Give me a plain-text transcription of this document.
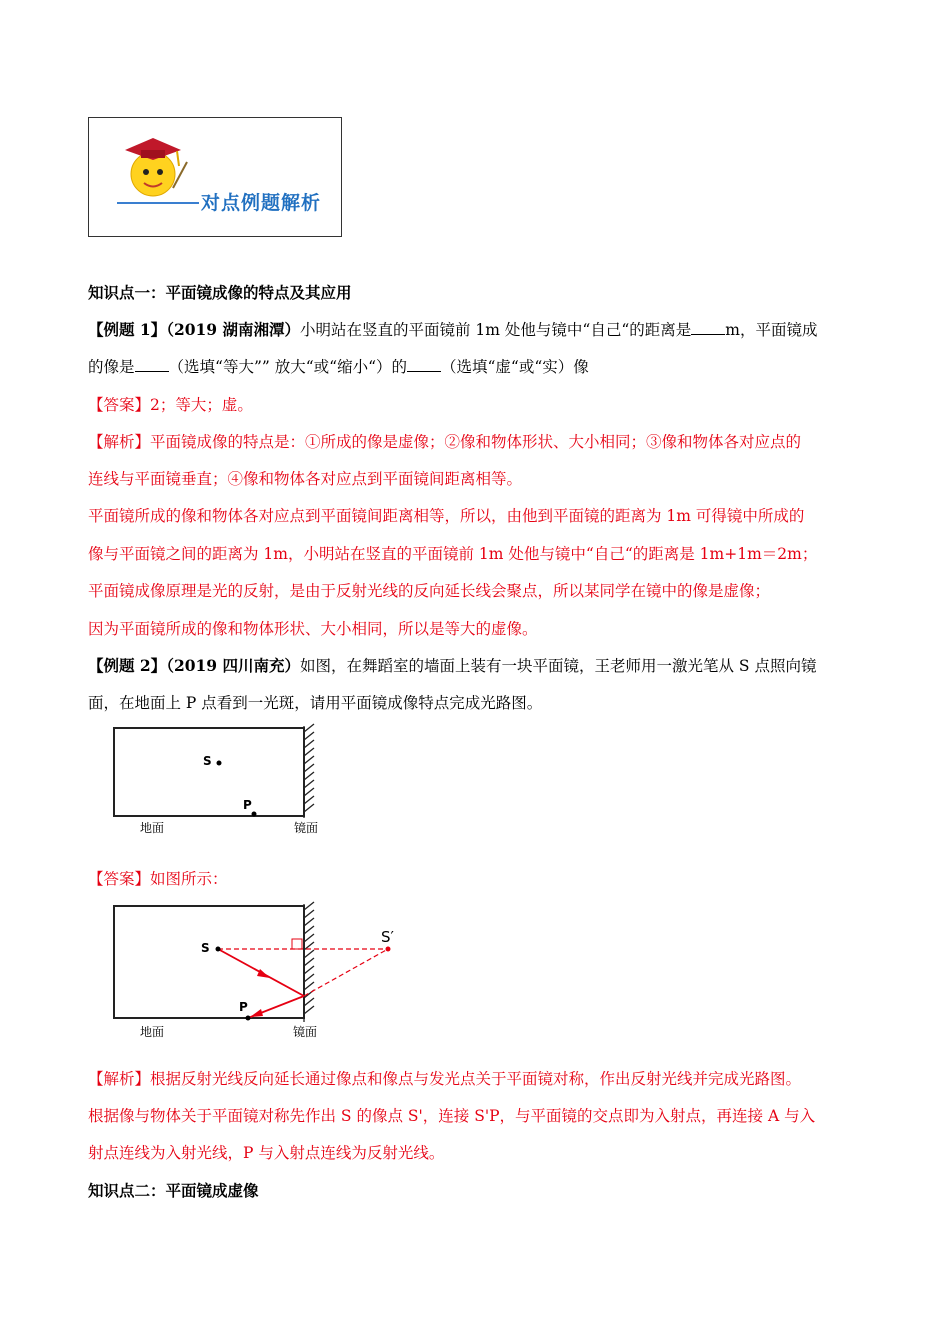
对点例题解析
知识点一：平面镜成像的特点及其应用
【例题 1】（2019 湖南湘潭）小明站在竖直的平面镜前 1m 处他与镜中“自己“的距离是 m，平面镜成
的像是 （选填“等大”” 放大“或“缩小“）的 （选填“虚“或“实）像
【答案】2；等大；虚。
【解析】平面镜成像的特点是：①所成的像是虚像；②像和物体形状、大小相同；③像和物体各对应点的
连线与平面镜垂直；④像和物体各对应点到平面镜间距离相等。
平面镜所成的像和物体各对应点到平面镜间距离相等，所以，由他到平面镜的距离为 1m 可得镜中所成的
像与平面镜之间的距离为 1m，小明站在竖直的平面镜前 1m 处他与镜中“自己“的距离是 1m+1m＝2m；
平面镜成像原理是光的反射，是由于反射光线的反向延长线会聚点，所以某同学在镜中的像是虚像；
因为平面镜所成的像和物体形状、大小相同，所以是等大的虚像。
【例题 2】（2019 四川南充）如图，在舞蹈室的墙面上装有一块平面镜，王老师用一激光笔从 S 点照向镜
面，在地面上 P 点看到一光斑，请用平面镜成像特点完成光路图。
S
P
地面	镜面
【答案】如图所示：
S
S′
P
地面	镜面
【解析】根据反射光线反向延长通过像点和像点与发光点关于平面镜对称，作出反射光线并完成光路图。
根据像与物体关于平面镜对称先作出 S 的像点 S'，连接 S'P，与平面镜的交点即为入射点，再连接 A 与入
射点连线为入射光线，P 与入射点连线为反射光线。
知识点二：平面镜成虚像
